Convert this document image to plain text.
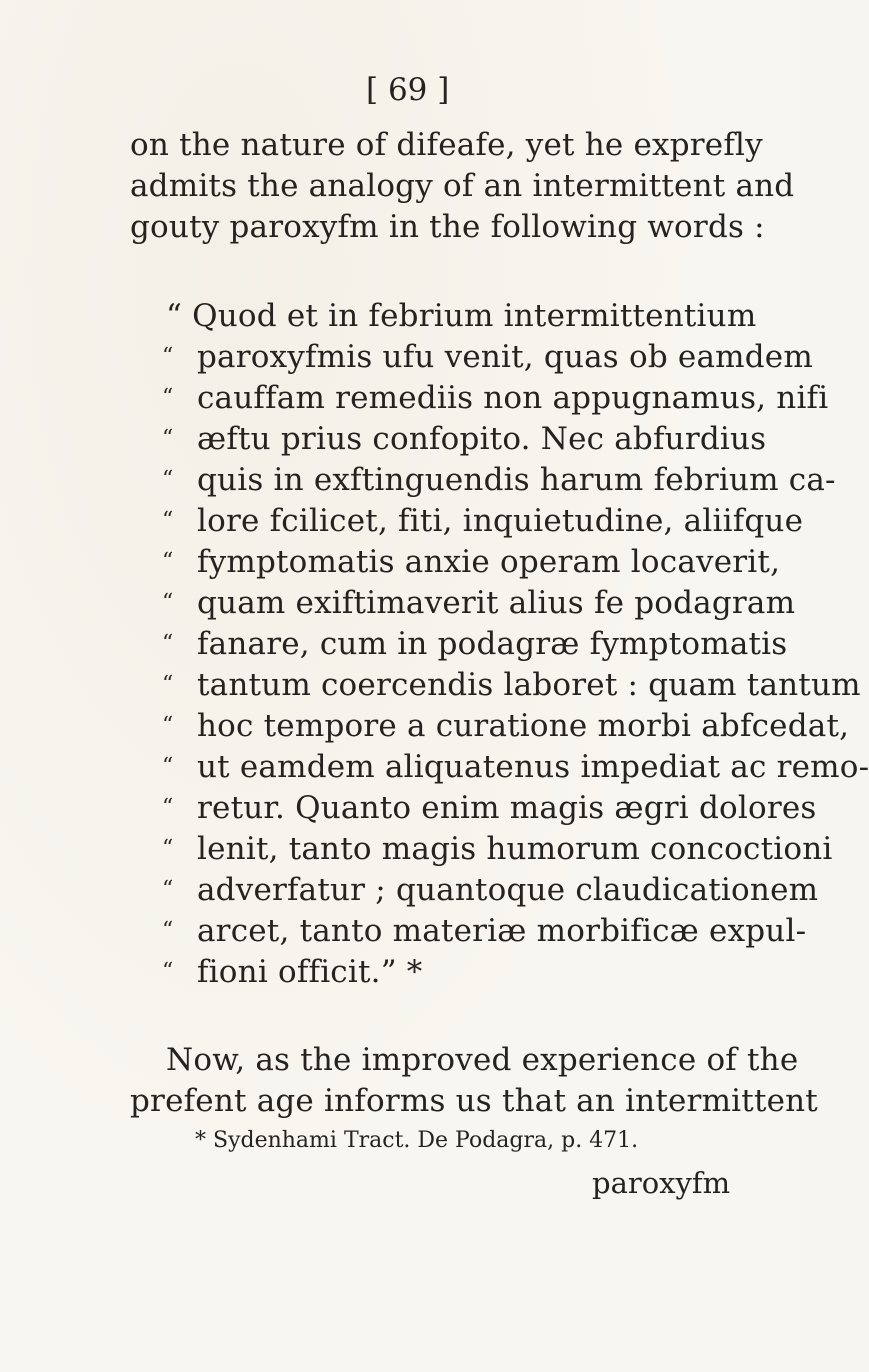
[ 69 ]
on the nature of difeafe, yet he exprefly
admits the analogy of an intermittent and
gouty paroxyfm in the following words :
“ Quod et in febrium intermittentium
“ paroxyfmis ufu venit, quas ob eamdem
“ cauffam remediis non appugnamus, nifi
“ æftu prius confopito. Nec abfurdius
“ quis in exftinguendis harum febrium ca-
“ lore fcilicet, fiti, inquietudine, aliifque
“ fymptomatis anxie operam locaverit,
“ quam exiftimaverit alius fe podagram
“ fanare, cum in podagræ fymptomatis
“ tantum coercendis laboret : quam tantum
“ hoc tempore a curatione morbi abfcedat,
“ ut eamdem aliquatenus impediat ac remo-
“ retur. Quanto enim magis ægri dolores
“ lenit, tanto magis humorum concoctioni
“ adverfatur ; quantoque claudicationem
“ arcet, tanto materiæ morbificæ expul-
“ fioni officit.” *
Now, as the improved experience of the
prefent age informs us that an intermittent
* Sydenhami Tract. De Podagra, p. 471.
paroxyfm
